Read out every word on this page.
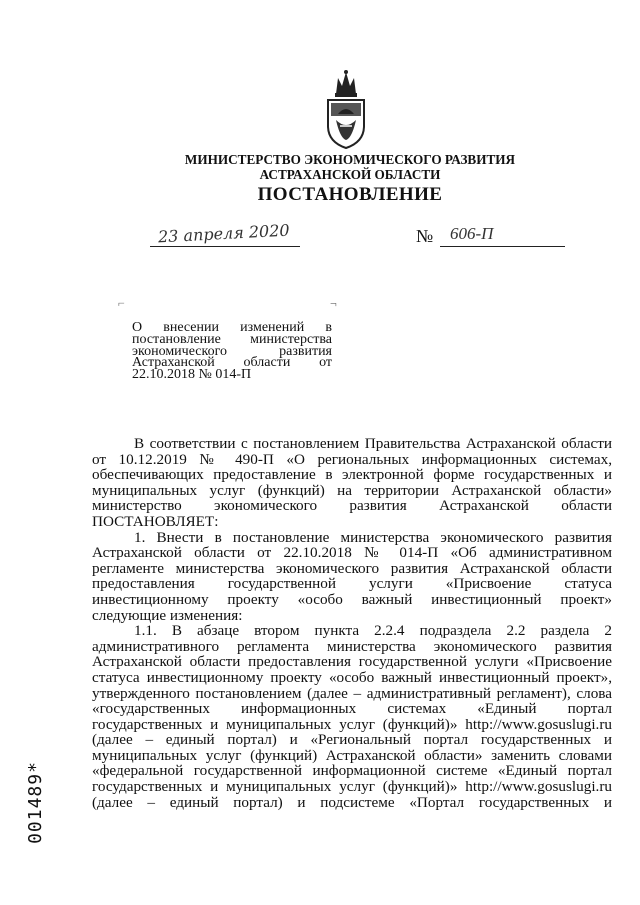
МИНИСТЕРСТВО ЭКОНОМИЧЕСКОГО РАЗВИТИЯ
АСТРАХАНСКОЙ ОБЛАСТИ
ПОСТАНОВЛЕНИЕ
23 апреля 2020	№ 606-П
⌐	¬
О внесении изменений в
постановление министерства
экономического развития
Астраханской области от
22.10.2018 № 014-П

В соответствии с постановлением Правительства Астраханской области
от 10.12.2019 № 490-П «О региональных информационных системах,
обеспечивающих предоставление в электронной форме государственных и
муниципальных услуг (функций) на территории Астраханской области»
министерство экономического развития Астраханской области
ПОСТАНОВЛЯЕТ:

1. Внести в постановление министерства экономического развития
Астраханской области от 22.10.2018 № 014-П «Об административном
регламенте министерства экономического развития Астраханской области
предоставления государственной услуги «Присвоение статуса
инвестиционному проекту «особо важный инвестиционный проект»
следующие изменения:

1.1. В абзаце втором пункта 2.2.4 подраздела 2.2 раздела 2
административного регламента министерства экономического развития
Астраханской области предоставления государственной услуги «Присвоение
статуса инвестиционному проекту «особо важный инвестиционный проект»,
утвержденного постановлением (далее – административный регламент), слова
«государственных информационных системах «Единый портал
государственных и муниципальных услуг (функций)» http://www.gosuslugi.ru
(далее – единый портал) и «Региональный портал государственных и
муниципальных услуг (функций) Астраханской области» заменить словами
«федеральной государственной информационной системе «Единый портал
государственных и муниципальных услуг (функций)» http://www.gosuslugi.ru
(далее – единый портал) и подсистеме «Портал государственных и

001489*
